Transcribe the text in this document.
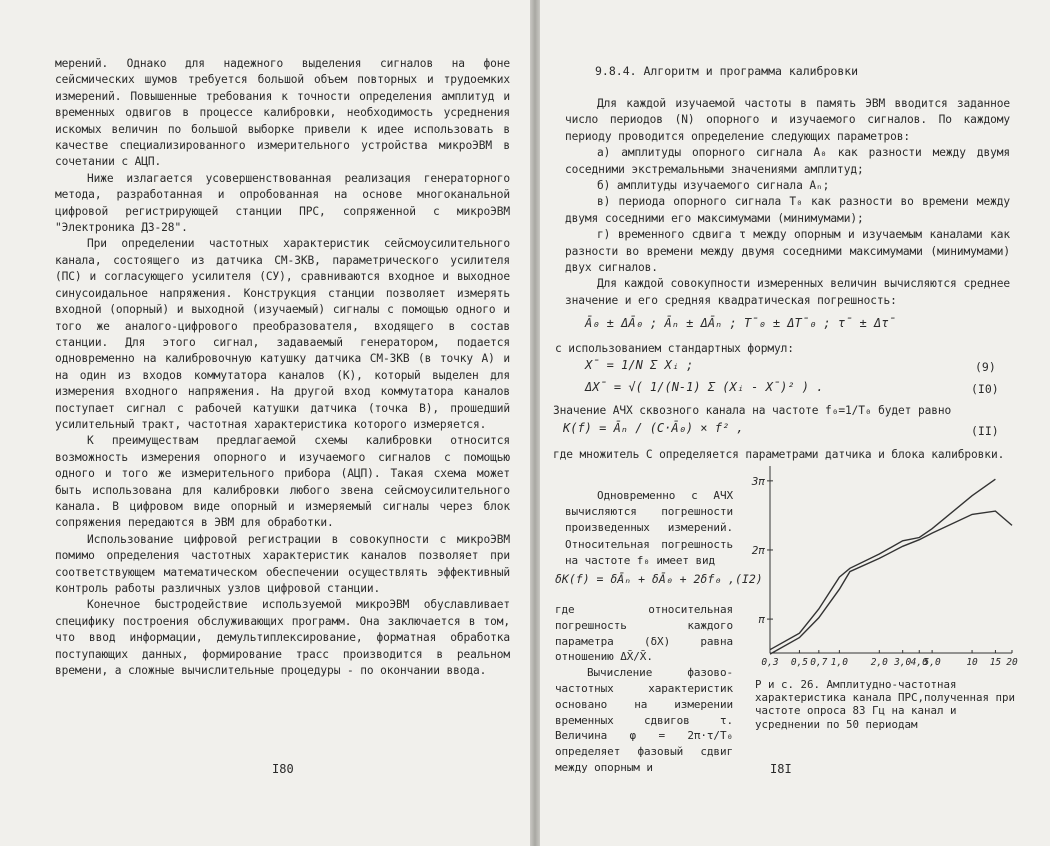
мерений. Однако для надежного выделения сигналов на фоне сейсмических шумов требуется большой объем повторных и трудоемких измерений. Повышенные требования к точности определения амплитуд и временных одвигов в процессе калибровки, необходимость усреднения искомых величин по большой выборке привели к идее использовать в качестве специализированного измерительного устройства микроЭВМ в сочетании с АЦП.

Ниже излагается усовершенствованная реализация генераторного метода, разработанная и опробованная на основе многоканальной цифровой регистрирующей станции ПРС, сопряженной с микроЭВМ "Электроника ДЗ-28".

При определении частотных характеристик сейсмоусилительного канала, состоящего из датчика СМ-ЗКВ, параметрического усилителя (ПС) и согласующего усилителя (СУ), сравниваются входное и выходное синусоидальное напряжения. Конструкция станции позволяет измерять входной (опорный) и выходной (изучаемый) сигналы с помощью одного и того же аналого-цифрового преобразователя, входящего в состав станции. Для этого сигнал, задаваемый генератором, подается одновременно на калибровочную катушку датчика СМ-ЗКВ (в точку А) и на один из входов коммутатора каналов (К), который выделен для измерения входного напряжения. На другой вход коммутатора каналов поступает сигнал с рабочей катушки датчика (точка В), прошедший усилительный тракт, частотная характеристика которого измеряется.

К преимуществам предлагаемой схемы калибровки относится возможность измерения опорного и изучаемого сигналов с помощью одного и того же измерительного прибора (АЦП). Такая схема может быть использована для калибровки любого звена сейсмоусилительного канала. В цифровом виде опорный и измеряемый сигналы через блок сопряжения передаются в ЭВМ для обработки.

Использование цифровой регистрации в совокупности с микроЭВМ помимо определения частотных характеристик каналов позволяет при соответствующем математическом обеспечении осуществлять эффективный контроль работы различных узлов цифровой станции.

Конечное быстродействие используемой микроЭВМ обуславливает специфику построения обслуживающих программ. Она заключается в том, что ввод информации, демультиплексирование, форматная обработка поступающих данных, формирование трасс производится в реальном времени, а сложные вычислительные процедуры - по окончании ввода.

I80
9.8.4. Алгоритм и программа калибровки

Для каждой изучаемой частоты в память ЭВМ вводится заданное число периодов (N) опорного и изучаемого сигналов. По каждому периоду проводится определение следующих параметров:

а) амплитуды опорного сигнала A₀ как разности между двумя соседними экстремальными значениями амплитуд;

б) амплитуды изучаемого сигнала Aₙ;

в) периода опорного сигнала T₀ как разности во времени между двумя соседними его максимумами (минимумами);

г) временного сдвига τ между опорным и изучаемым каналами как разности во времени между двумя соседними максимумами (минимумами) двух сигналов.

Для каждой совокупности измеренных величин вычисляются среднее значение и его средняя квадратическая погрешность:

Ā₀ ± ΔĀ₀ ; Āₙ ± ΔĀₙ ; T̄₀ ± ΔT̄₀ ; τ̄ ± Δτ̄
с использованием стандартных формул:
X̄ = 1/N Σ Xᵢ ;	(9)
ΔX̄ = √( 1/(N-1) Σ (Xᵢ - X̄)² ) .	(I0)
Значение АЧХ сквозного канала на частоте f₀=1/T₀ будет равно
K(f) = Āₙ / (C·Ā₀) × f² ,	(II)
где множитель C определяется параметрами датчика и блока калибровки.
Одновременно с АЧХ вычисляются погрешности произведенных измерений. Относительная погрешность на частоте f₀ имеет вид
δK(f) = δĀₙ + δĀ₀ + 2δf₀ ,(I2)

где относительная погрешность каждого параметра (δX) равна отношению ΔX̄/X̄.

Вычисление фазово-частотных характеристик основано на измерении временных сдвигов τ. Величина φ = 2π·τ/T₀ определяет фазовый сдвиг между опорным и

π
2π
3π
0,3 0,5 0,7 1,0 2,0 3,0 4,0
5,0	10 15 20
Р и с. 26. Амплитудно-частотная характеристика канала ПРС,полученная при частоте опроса 83 Гц на канал и усреднении по 50 периодам
I8I
